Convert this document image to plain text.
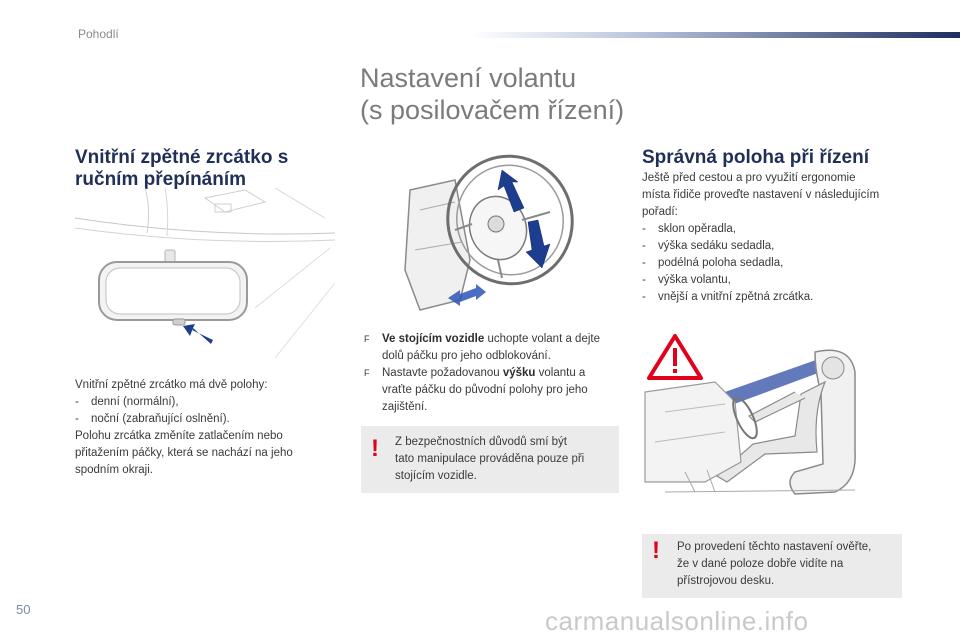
Pohodlí
Nastavení volantu
(s posilovačem řízení)
Vnitřní zpětné zrcátko s
ručním přepínáním
Vnitřní zpětné zrcátko má dvě polohy:
- denní (normální),
- noční (zabraňující oslnění).
Polohu zrcátka změníte zatlačením nebo
přitažením páčky, která se nachází na jeho
spodním okraji.
F Ve stojícím vozidle uchopte volant a dejte
dolů páčku pro jeho odblokování.
F Nastavte požadovanou výšku volantu a
vraťte páčku do původní polohy pro jeho
zajištění.
! Z bezpečnostních důvodů smí být
tato manipulace prováděna pouze při
stojícím vozidle.
Správná poloha při řízení
Ještě před cestou a pro využití ergonomie
místa řidiče proveďte nastavení v následujícím
pořadí:
- sklon opěradla,
- výška sedáku sedadla,
- podélná poloha sedadla,
- výška volantu,
- vnější a vnitřní zpětná zrcátka.
! Po provedení těchto nastavení ověřte,
že v dané poloze dobře vidíte na
přístrojovou desku.
50	carmanualsonline.info
